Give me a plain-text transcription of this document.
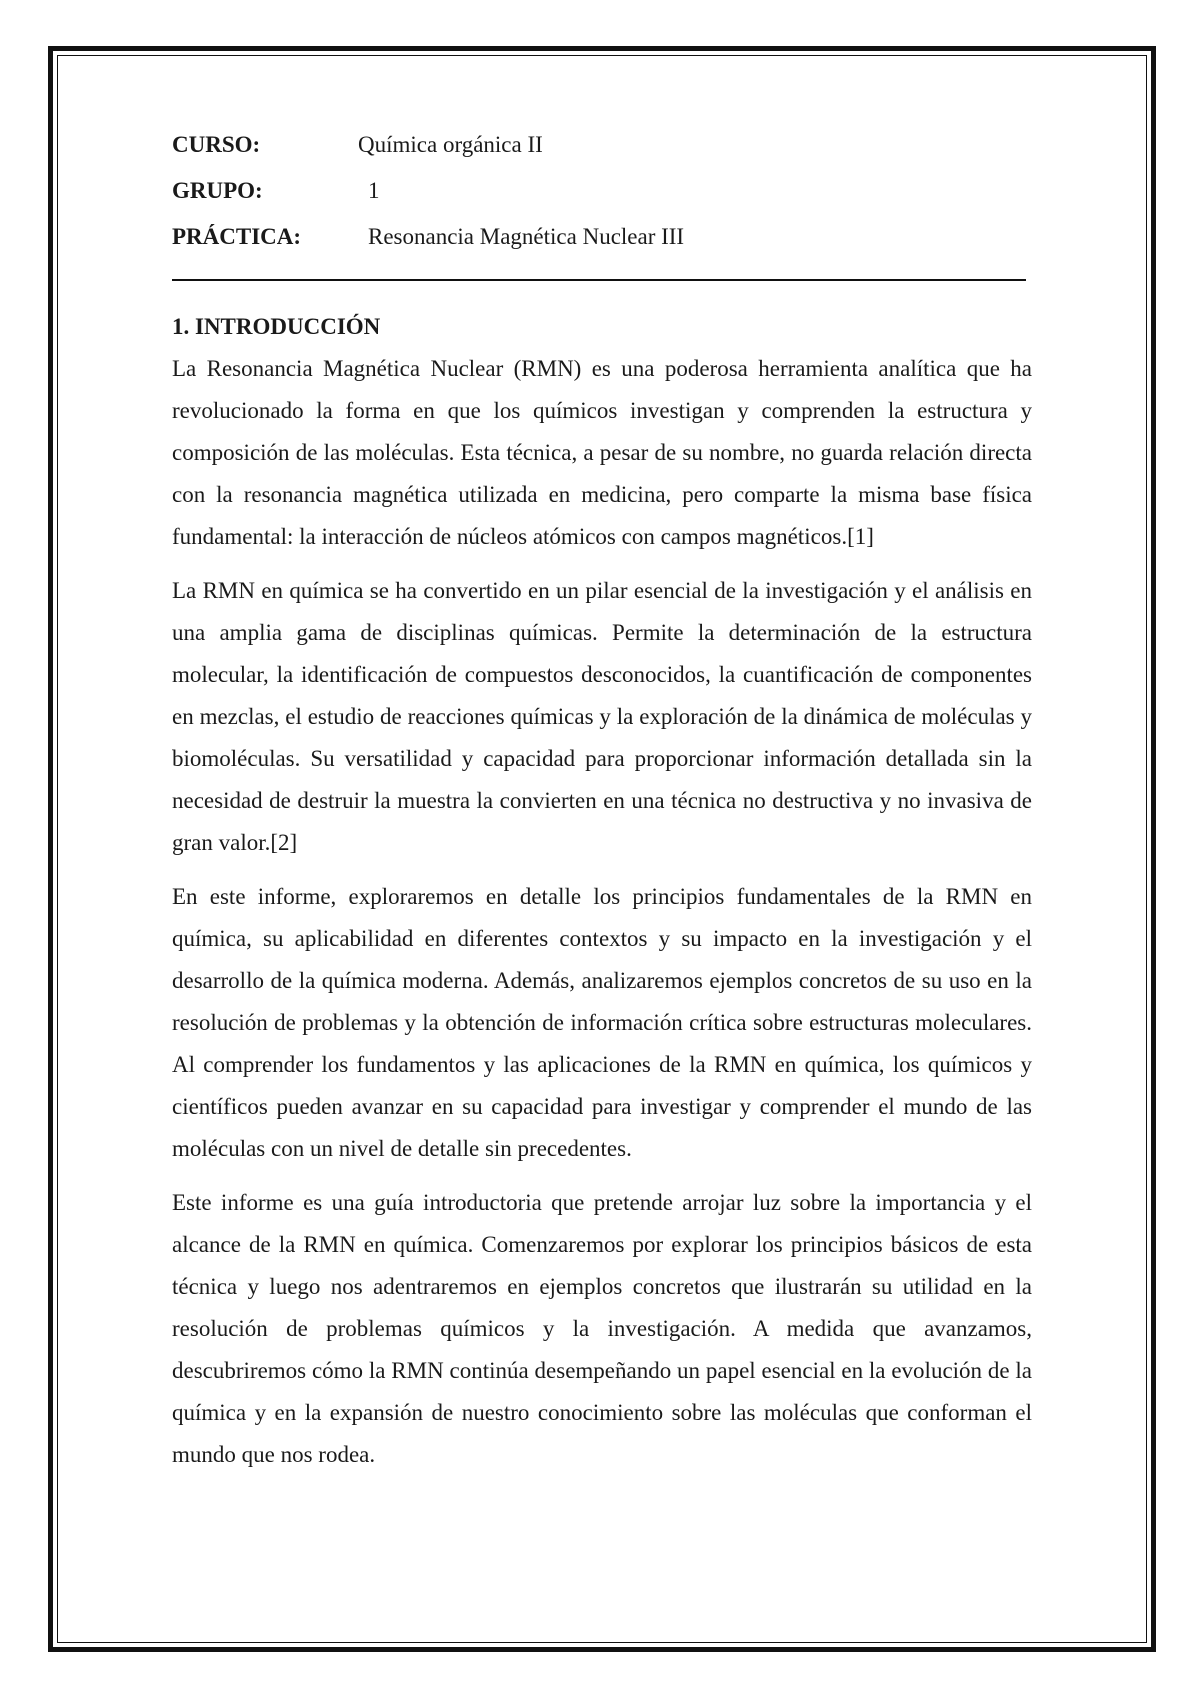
CURSO:	Química orgánica II
GRUPO:	1
PRÁCTICA:	Resonancia Magnética Nuclear III
1. INTRODUCCIÓN

La Resonancia Magnética Nuclear (RMN) es una poderosa herramienta analítica que ha revolucionado la forma en que los químicos investigan y comprenden la estructura y composición de las moléculas. Esta técnica, a pesar de su nombre, no guarda relación directa con la resonancia magnética utilizada en medicina, pero comparte la misma base física fundamental: la interacción de núcleos atómicos con campos magnéticos.[1]

La RMN en química se ha convertido en un pilar esencial de la investigación y el análisis en una amplia gama de disciplinas químicas. Permite la determinación de la estructura molecular, la identificación de compuestos desconocidos, la cuantificación de componentes en mezclas, el estudio de reacciones químicas y la exploración de la dinámica de moléculas y biomoléculas. Su versatilidad y capacidad para proporcionar información detallada sin la necesidad de destruir la muestra la convierten en una técnica no destructiva y no invasiva de gran valor.[2]

En este informe, exploraremos en detalle los principios fundamentales de la RMN en química, su aplicabilidad en diferentes contextos y su impacto en la investigación y el desarrollo de la química moderna. Además, analizaremos ejemplos concretos de su uso en la resolución de problemas y la obtención de información crítica sobre estructuras moleculares. Al comprender los fundamentos y las aplicaciones de la RMN en química, los químicos y científicos pueden avanzar en su capacidad para investigar y comprender el mundo de las moléculas con un nivel de detalle sin precedentes.

Este informe es una guía introductoria que pretende arrojar luz sobre la importancia y el alcance de la RMN en química. Comenzaremos por explorar los principios básicos de esta técnica y luego nos adentraremos en ejemplos concretos que ilustrarán su utilidad en la resolución de problemas químicos y la investigación. A medida que avanzamos, descubriremos cómo la RMN continúa desempeñando un papel esencial en la evolución de la química y en la expansión de nuestro conocimiento sobre las moléculas que conforman el mundo que nos rodea.
